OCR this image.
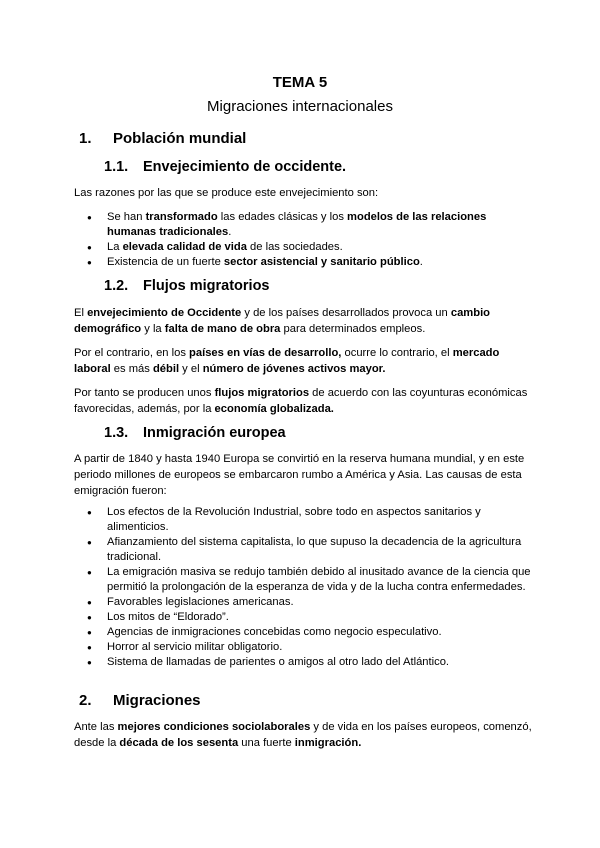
TEMA 5
Migraciones internacionales
1. Población mundial
1.1. Envejecimiento de occidente.
Las razones por las que se produce este envejecimiento son:
● Se han transformado las edades clásicas y los modelos de las relaciones humanas tradicionales.
● La elevada calidad de vida de las sociedades.
● Existencia de un fuerte sector asistencial y sanitario público.
1.2. Flujos migratorios
El envejecimiento de Occidente y de los países desarrollados provoca un cambio demográfico y la falta de mano de obra para determinados empleos.
Por el contrario, en los países en vías de desarrollo, ocurre lo contrario, el mercado laboral es más débil y el número de jóvenes activos mayor.
Por tanto se producen unos flujos migratorios de acuerdo con las coyunturas económicas favorecidas, además, por la economía globalizada.
1.3. Inmigración europea
A partir de 1840 y hasta 1940 Europa se convirtió en la reserva humana mundial, y en este periodo millones de europeos se embarcaron rumbo a América y Asia. Las causas de esta emigración fueron:
● Los efectos de la Revolución Industrial, sobre todo en aspectos sanitarios y alimenticios.
● Afianzamiento del sistema capitalista, lo que supuso la decadencia de la agricultura tradicional.
● La emigración masiva se redujo también debido al inusitado avance de la ciencia que permitió la prolongación de la esperanza de vida y de la lucha contra enfermedades.
● Favorables legislaciones americanas.
● Los mitos de “Eldorado”.
● Agencias de inmigraciones concebidas como negocio especulativo.
● Horror al servicio militar obligatorio.
● Sistema de llamadas de parientes o amigos al otro lado del Atlántico.
2. Migraciones
Ante las mejores condiciones sociolaborales y de vida en los países europeos, comenzó, desde la década de los sesenta una fuerte inmigración.
